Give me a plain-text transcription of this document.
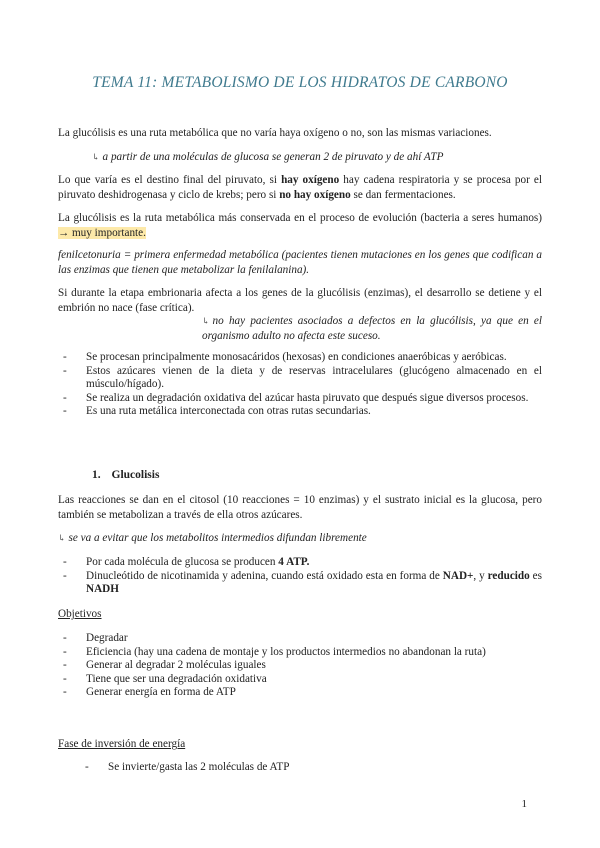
TEMA 11: METABOLISMO DE LOS HIDRATOS DE CARBONO
La glucólisis es una ruta metabólica que no varía haya oxígeno o no, son las mismas variaciones.
↳ a partir de una moléculas de glucosa se generan 2 de piruvato y de ahí ATP
Lo que varía es el destino final del piruvato, si hay oxígeno hay cadena respiratoria y se procesa por el piruvato deshidrogenasa y ciclo de krebs; pero si no hay oxígeno se dan fermentaciones.
La glucólisis es la ruta metabólica más conservada en el proceso de evolución (bacteria a seres humanos) → muy importante.
fenilcetonuria = primera enfermedad metabólica (pacientes tienen mutaciones en los genes que codifican a las enzimas que tienen que metabolizar la fenilalanina).
Si durante la etapa embrionaria afecta a los genes de la glucólisis (enzimas), el desarrollo se detiene y el embrión no nace (fase crítica).
↳ no hay pacientes asociados a defectos en la glucólisis, ya que en el organismo adulto no afecta este suceso.
- Se procesan principalmente monosacáridos (hexosas) en condiciones anaeróbicas y aeróbicas.
- Estos azúcares vienen de la dieta y de reservas intracelulares (glucógeno almacenado en el músculo/hígado).
- Se realiza un degradación oxidativa del azúcar hasta piruvato que después sigue diversos procesos.
- Es una ruta metálica interconectada con otras rutas secundarias.
1. Glucolisis
Las reacciones se dan en el citosol (10 reacciones = 10 enzimas) y el sustrato inicial es la glucosa, pero también se metabolizan a través de ella otros azúcares.
↳ se va a evitar que los metabolitos intermedios difundan libremente
- Por cada molécula de glucosa se producen 4 ATP.
- Dinucleótido de nicotinamida y adenina, cuando está oxidado esta en forma de NAD+, y reducido es NADH
Objetivos
- Degradar
- Eficiencia (hay una cadena de montaje y los productos intermedios no abandonan la ruta)
- Generar al degradar 2 moléculas iguales
- Tiene que ser una degradación oxidativa
- Generar energía en forma de ATP
Fase de inversión de energía
- Se invierte/gasta las 2 moléculas de ATP
1
